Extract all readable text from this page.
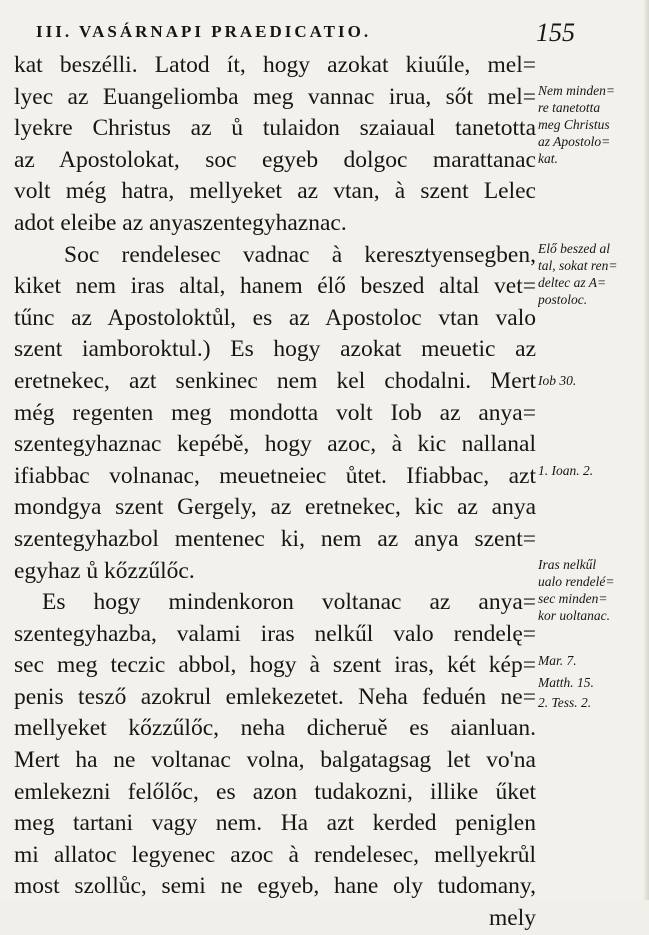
III. VASÁRNAPI PRAEDICATIO.	155
kat beszélli. Latod ít, hogy azokat kiuűle, mel=
lyec az Euangeliomba meg vannac irua, sőt mel=
lyekre Christus az ů tulaidon szaiaual tanetotta
az Apostolokat, soc egyeb dolgoc marattanac
volt még hatra, mellyeket az vtan, à szent Lelec
adot eleibe az anyaszentegyhaznac.
Soc rendelesec vadnac à keresztyensegben,
kiket nem iras altal, hanem élő beszed altal vet=
tűnc az Apostoloktůl, es az Apostoloc vtan valo
szent iamboroktul.) Es hogy azokat meuetic az
eretnekec, azt senkinec nem kel chodalni. Mert
még regenten meg mondotta volt Iob az anya=
szentegyhaznac kepébě, hogy azoc, à kic nallanal
ifiabbac volnanac, meuetneiec ůtet. Ifiabbac, azt
mondgya szent Gergely, az eretnekec, kic az anya
szentegyhazbol mentenec ki, nem az anya szent=
egyhaz ů kőzzűlőc.
Es hogy mindenkoron voltanac az anya=
szentegyhazba, valami iras nelkűl valo rendelę=
sec meg teczic abbol, hogy à szent iras, két kép=
penis tesző azokrul emlekezetet. Neha feduén ne=
mellyeket kőzzűlőc, neha dicheruě es aianluan.
Mert ha ne voltanac volna, balgatagsag let vo'na
emlekezni felőlőc, es azon tudakozni, illike űket
meg tartani vagy nem. Ha azt kerded peniglen
mi allatoc legyenec azoc à rendelesec, mellyekrůl
most szollůc, semi ne egyeb, hane oly tudomany,
mely
Nem minden=
re tanetotta
meg Christus
az Apostolo=
kat.
Elő beszed al
tal, sokat ren=
deltec az A=
postoloc.
Iob 30.
1. Ioan. 2.
Iras nelkűl
ualo rendelé=
sec minden=
kor uoltanac.
Mar. 7.
Matth. 15.
2. Tess. 2.
